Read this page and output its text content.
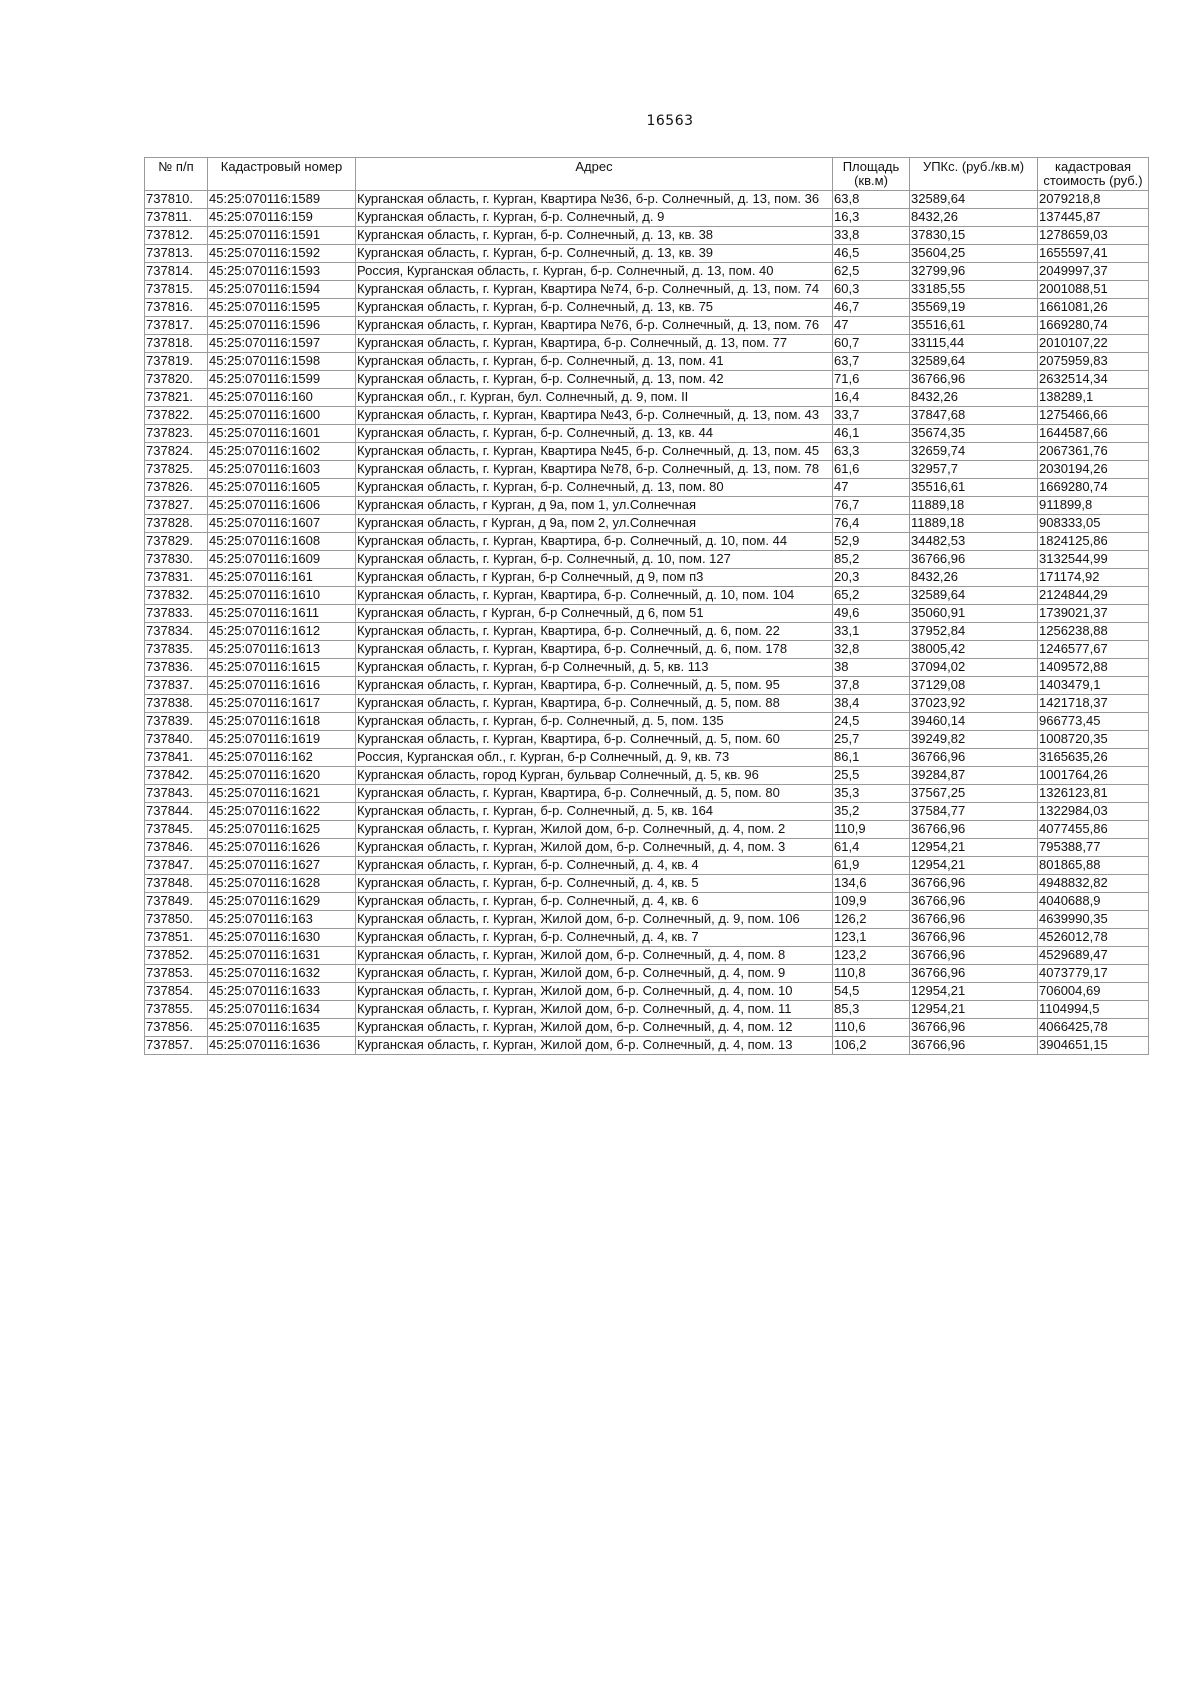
16563
№ п/п	Кадастровый номер	Адрес	Площадь (кв.м)	УПКс. (руб./кв.м)	кадастровая стоимость (руб.)
737810.	45:25:070116:1589	Курганская область, г. Курган, Квартира №36, б-р. Солнечный, д. 13, пом. 36	63,8	32589,64	2079218,8
737811.	45:25:070116:159	Курганская область, г. Курган, б-р. Солнечный, д. 9	16,3	8432,26	137445,87
737812.	45:25:070116:1591	Курганская область, г. Курган, б-р. Солнечный, д. 13, кв. 38	33,8	37830,15	1278659,03
737813.	45:25:070116:1592	Курганская область, г. Курган, б-р. Солнечный, д. 13, кв. 39	46,5	35604,25	1655597,41
737814.	45:25:070116:1593	Россия, Курганская область, г. Курган, б-р. Солнечный, д. 13, пом. 40	62,5	32799,96	2049997,37
737815.	45:25:070116:1594	Курганская область, г. Курган, Квартира №74, б-р. Солнечный, д. 13, пом. 74	60,3	33185,55	2001088,51
737816.	45:25:070116:1595	Курганская область, г. Курган, б-р. Солнечный, д. 13, кв. 75	46,7	35569,19	1661081,26
737817.	45:25:070116:1596	Курганская область, г. Курган, Квартира №76, б-р. Солнечный, д. 13, пом. 76	47	35516,61	1669280,74
737818.	45:25:070116:1597	Курганская область, г. Курган, Квартира, б-р. Солнечный, д. 13, пом. 77	60,7	33115,44	2010107,22
737819.	45:25:070116:1598	Курганская область, г. Курган, б-р. Солнечный, д. 13, пом. 41	63,7	32589,64	2075959,83
737820.	45:25:070116:1599	Курганская область, г. Курган, б-р. Солнечный, д. 13, пом. 42	71,6	36766,96	2632514,34
737821.	45:25:070116:160	Курганская обл., г. Курган, бул. Солнечный, д. 9, пом. II	16,4	8432,26	138289,1
737822.	45:25:070116:1600	Курганская область, г. Курган, Квартира №43, б-р. Солнечный, д. 13, пом. 43	33,7	37847,68	1275466,66
737823.	45:25:070116:1601	Курганская область, г. Курган, б-р. Солнечный, д. 13, кв. 44	46,1	35674,35	1644587,66
737824.	45:25:070116:1602	Курганская область, г. Курган, Квартира №45, б-р. Солнечный, д. 13, пом. 45	63,3	32659,74	2067361,76
737825.	45:25:070116:1603	Курганская область, г. Курган, Квартира №78, б-р. Солнечный, д. 13, пом. 78	61,6	32957,7	2030194,26
737826.	45:25:070116:1605	Курганская область, г. Курган, б-р. Солнечный, д. 13, пом. 80	47	35516,61	1669280,74
737827.	45:25:070116:1606	Курганская область, г Курган, д 9а, пом 1, ул.Солнечная	76,7	11889,18	911899,8
737828.	45:25:070116:1607	Курганская область, г Курган, д 9а, пом 2, ул.Солнечная	76,4	11889,18	908333,05
737829.	45:25:070116:1608	Курганская область, г. Курган, Квартира, б-р. Солнечный, д. 10, пом. 44	52,9	34482,53	1824125,86
737830.	45:25:070116:1609	Курганская область, г. Курган, б-р. Солнечный, д. 10, пом. 127	85,2	36766,96	3132544,99
737831.	45:25:070116:161	Курганская область, г Курган, б-р Солнечный, д 9, пом п3	20,3	8432,26	171174,92
737832.	45:25:070116:1610	Курганская область, г. Курган, Квартира, б-р. Солнечный, д. 10, пом. 104	65,2	32589,64	2124844,29
737833.	45:25:070116:1611	Курганская область, г Курган, б-р Солнечный, д 6, пом 51	49,6	35060,91	1739021,37
737834.	45:25:070116:1612	Курганская область, г. Курган, Квартира, б-р. Солнечный, д. 6, пом. 22	33,1	37952,84	1256238,88
737835.	45:25:070116:1613	Курганская область, г. Курган, Квартира, б-р. Солнечный, д. 6, пом. 178	32,8	38005,42	1246577,67
737836.	45:25:070116:1615	Курганская область, г. Курган, б-р Солнечный, д. 5, кв. 113	38	37094,02	1409572,88
737837.	45:25:070116:1616	Курганская область, г. Курган, Квартира, б-р. Солнечный, д. 5, пом. 95	37,8	37129,08	1403479,1
737838.	45:25:070116:1617	Курганская область, г. Курган, Квартира, б-р. Солнечный, д. 5, пом. 88	38,4	37023,92	1421718,37
737839.	45:25:070116:1618	Курганская область, г. Курган, б-р. Солнечный, д. 5, пом. 135	24,5	39460,14	966773,45
737840.	45:25:070116:1619	Курганская область, г. Курган, Квартира, б-р. Солнечный, д. 5, пом. 60	25,7	39249,82	1008720,35
737841.	45:25:070116:162	Россия, Курганская обл., г. Курган, б-р Солнечный, д. 9, кв. 73	86,1	36766,96	3165635,26
737842.	45:25:070116:1620	Курганская область, город Курган, бульвар Солнечный, д. 5, кв. 96	25,5	39284,87	1001764,26
737843.	45:25:070116:1621	Курганская область, г. Курган, Квартира, б-р. Солнечный, д. 5, пом. 80	35,3	37567,25	1326123,81
737844.	45:25:070116:1622	Курганская область, г. Курган, б-р. Солнечный, д. 5, кв. 164	35,2	37584,77	1322984,03
737845.	45:25:070116:1625	Курганская область, г. Курган, Жилой дом, б-р. Солнечный, д. 4, пом. 2	110,9	36766,96	4077455,86
737846.	45:25:070116:1626	Курганская область, г. Курган, Жилой дом, б-р. Солнечный, д. 4, пом. 3	61,4	12954,21	795388,77
737847.	45:25:070116:1627	Курганская область, г. Курган, б-р. Солнечный, д. 4, кв. 4	61,9	12954,21	801865,88
737848.	45:25:070116:1628	Курганская область, г. Курган, б-р. Солнечный, д. 4, кв. 5	134,6	36766,96	4948832,82
737849.	45:25:070116:1629	Курганская область, г. Курган, б-р. Солнечный, д. 4, кв. 6	109,9	36766,96	4040688,9
737850.	45:25:070116:163	Курганская область, г. Курган, Жилой дом, б-р. Солнечный, д. 9, пом. 106	126,2	36766,96	4639990,35
737851.	45:25:070116:1630	Курганская область, г. Курган, б-р. Солнечный, д. 4, кв. 7	123,1	36766,96	4526012,78
737852.	45:25:070116:1631	Курганская область, г. Курган, Жилой дом, б-р. Солнечный, д. 4, пом. 8	123,2	36766,96	4529689,47
737853.	45:25:070116:1632	Курганская область, г. Курган, Жилой дом, б-р. Солнечный, д. 4, пом. 9	110,8	36766,96	4073779,17
737854.	45:25:070116:1633	Курганская область, г. Курган, Жилой дом, б-р. Солнечный, д. 4, пом. 10	54,5	12954,21	706004,69
737855.	45:25:070116:1634	Курганская область, г. Курган, Жилой дом, б-р. Солнечный, д. 4, пом. 11	85,3	12954,21	1104994,5
737856.	45:25:070116:1635	Курганская область, г. Курган, Жилой дом, б-р. Солнечный, д. 4, пом. 12	110,6	36766,96	4066425,78
737857.	45:25:070116:1636	Курганская область, г. Курган, Жилой дом, б-р. Солнечный, д. 4, пом. 13	106,2	36766,96	3904651,15
